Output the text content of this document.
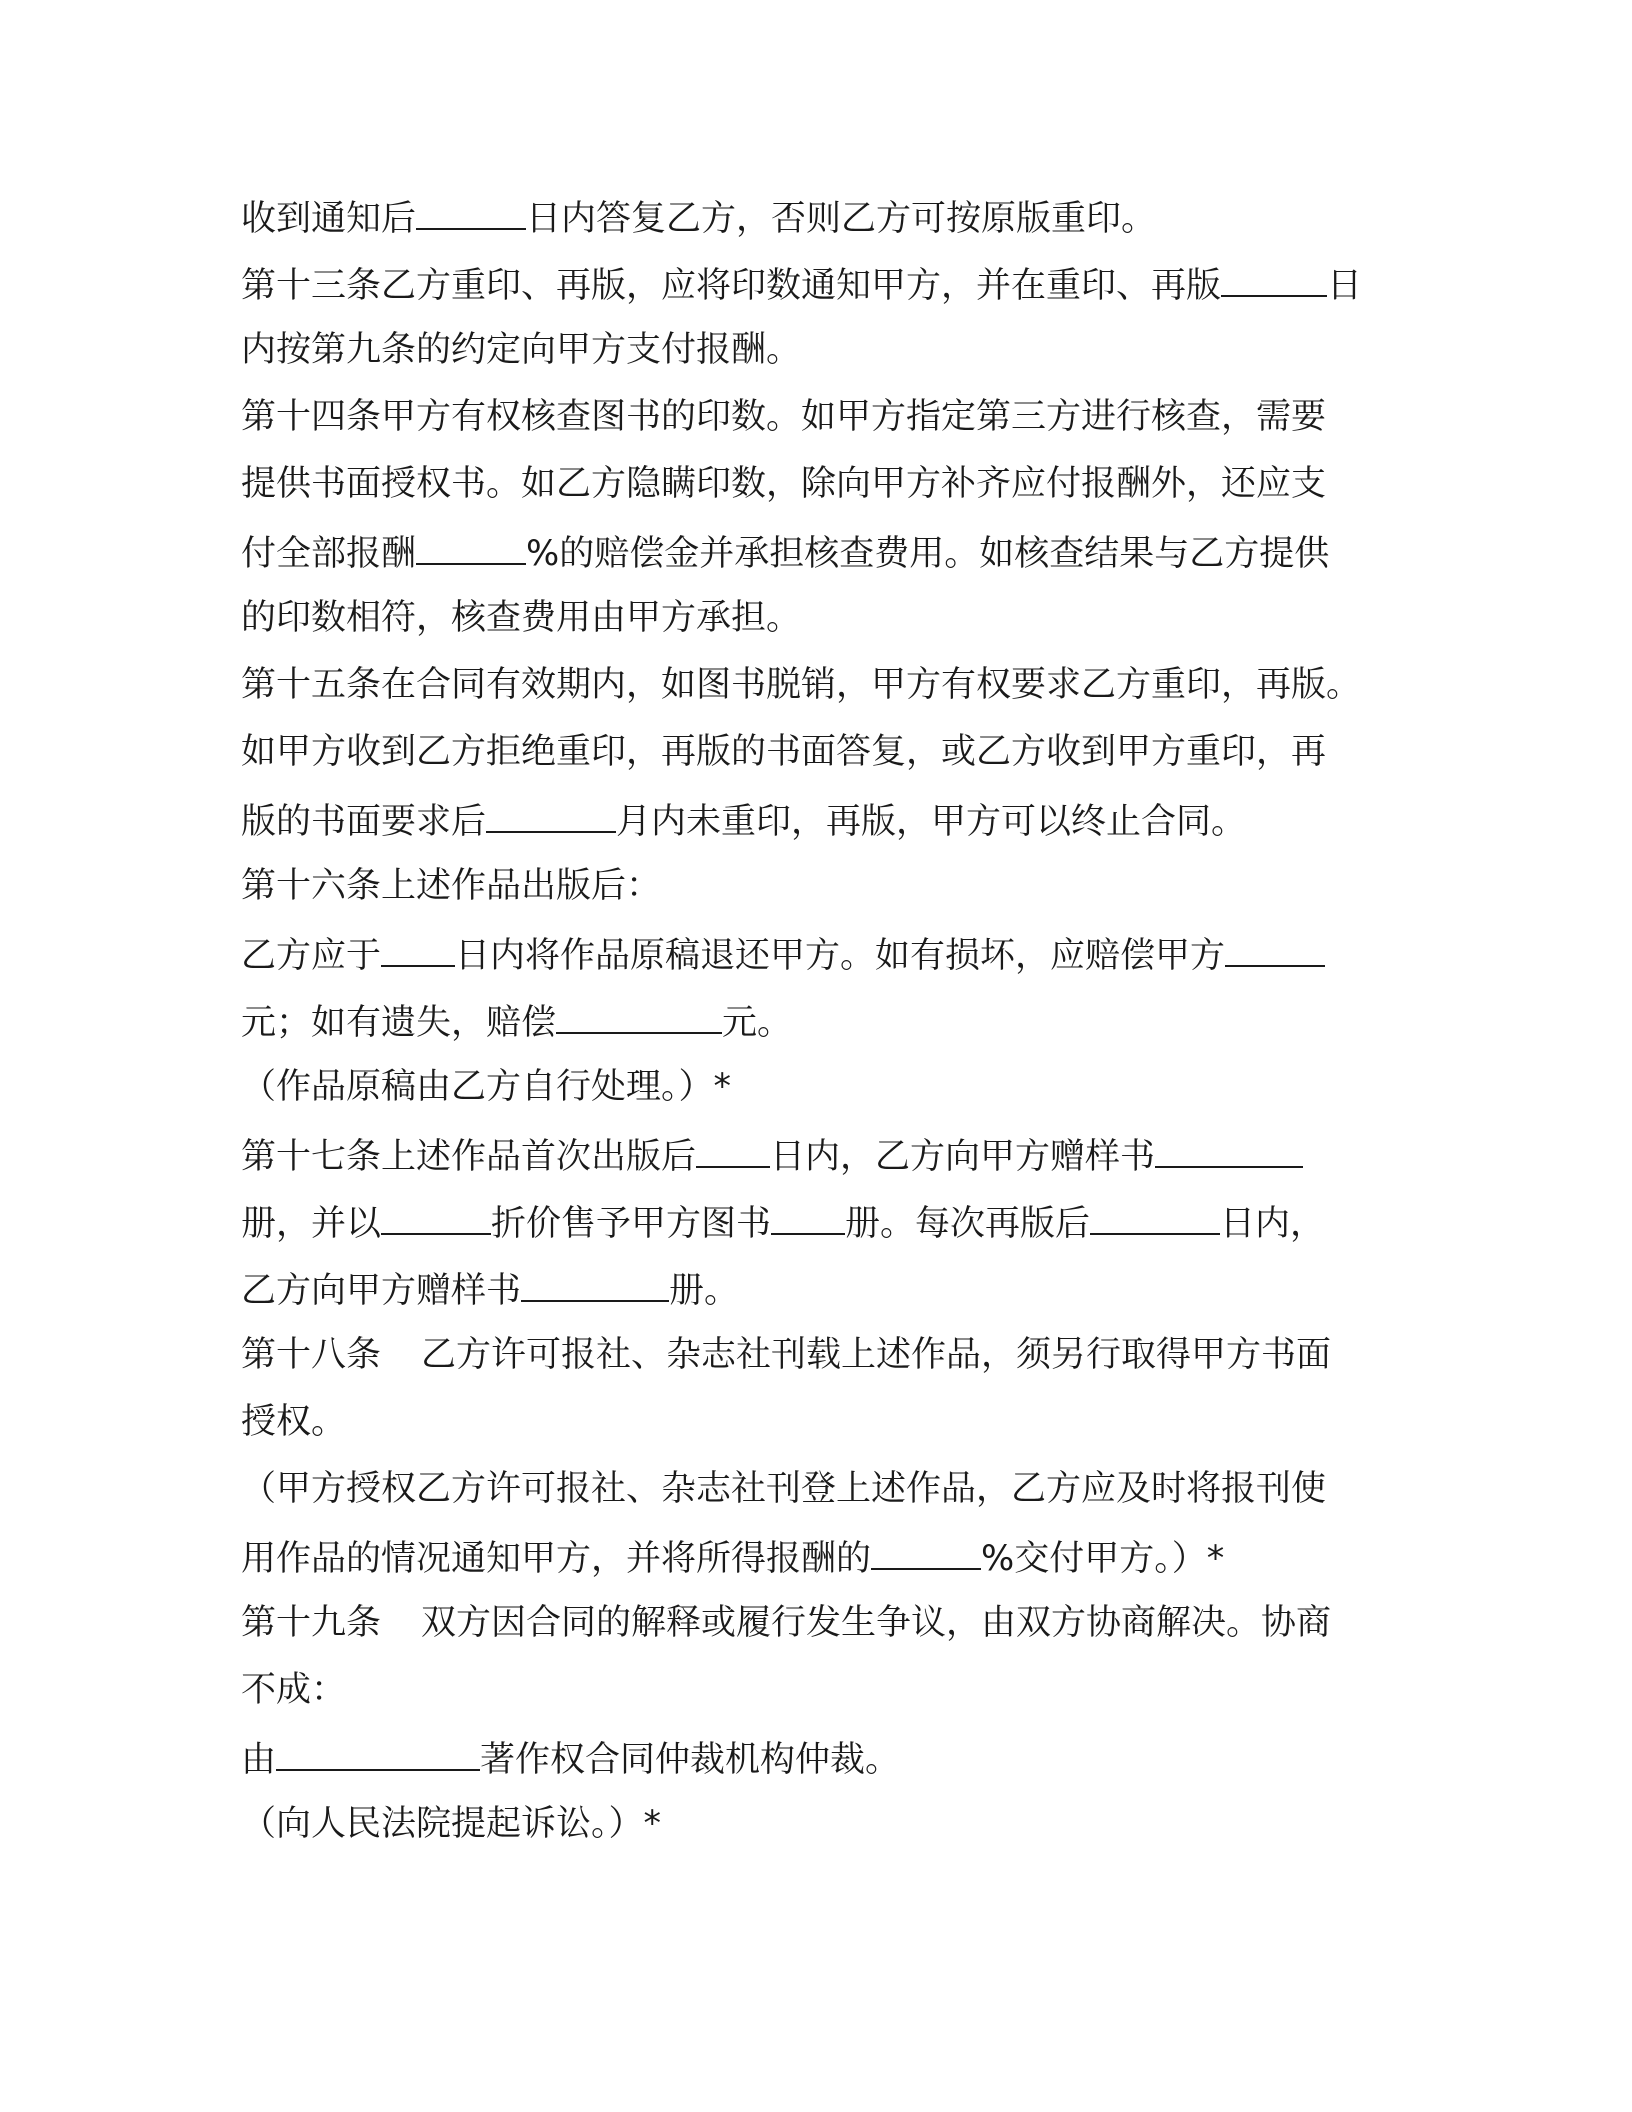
收到通知后	日内答复乙方，否则乙方可按原版重印。
第十三条乙方重印、再版，应将印数通知甲方，并在重印、再版	日
内按第九条的约定向甲方支付报酬。
第十四条甲方有权核查图书的印数。如甲方指定第三方进行核查，需要
提供书面授权书。如乙方隐瞒印数，除向甲方补齐应付报酬外，还应支
付全部报酬	%的赔偿金并承担核查费用。如核查结果与乙方提供
的印数相符，核查费用由甲方承担。
第十五条在合同有效期内，如图书脱销，甲方有权要求乙方重印，再版。
如甲方收到乙方拒绝重印，再版的书面答复，或乙方收到甲方重印，再
版的书面要求后	月内未重印，再版，甲方可以终止合同。
第十六条上述作品出版后：
乙方应于 日内将作品原稿退还甲方。如有损坏，应赔偿甲方
元；如有遗失，赔偿	元。
（作品原稿由乙方自行处理。）*
第十七条上述作品首次出版后 日内，乙方向甲方赠样书
册，并以	折价售予甲方图书 册。每次再版后	日内，
乙方向甲方赠样书	册。
第十八条 乙方许可报社、杂志社刊载上述作品，须另行取得甲方书面
授权。
（甲方授权乙方许可报社、杂志社刊登上述作品，乙方应及时将报刊使
用作品的情况通知甲方，并将所得报酬的	%交付甲方。）*
第十九条 双方因合同的解释或履行发生争议，由双方协商解决。协商
不成：
由	著作权合同仲裁机构仲裁。
（向人民法院提起诉讼。）*
